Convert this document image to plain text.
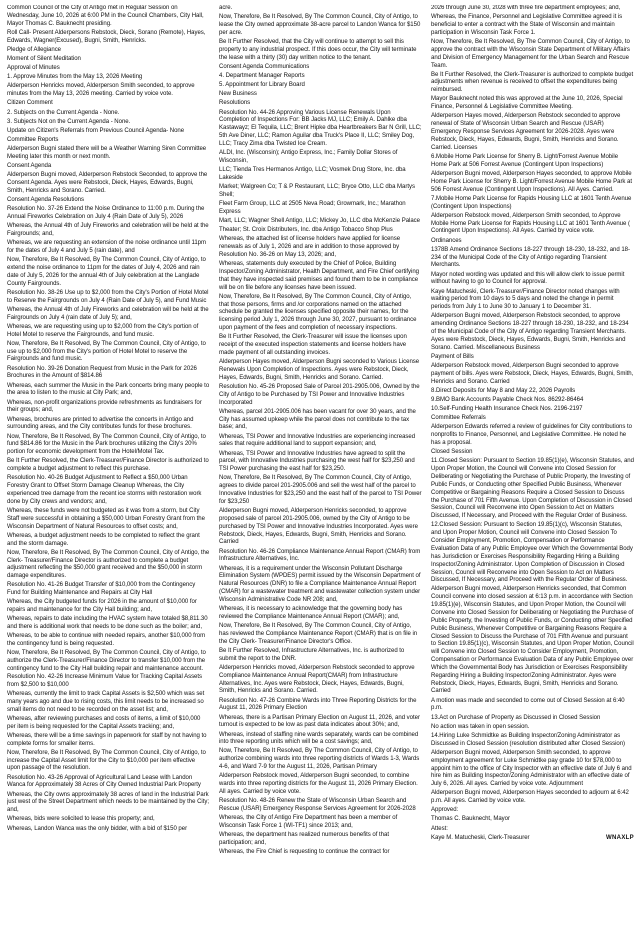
Common Council of the City of Antigo met in Regular Session on Wednesday, June 10, 2026 at 6:00 PM in the Council Chambers, City Hall, Mayor Thomas C. Bauknecht presiding.

Roll Call- Present Alderpersons Rebstock, Dieck, Sorano (Remote), Hayes, Edwards, Wagner(Excused), Bugni, Smith, Henricks.

Pledge of Allegiance

Moment of Silent Meditation

Approval of Minutes

1. Approve Minutes from the May 13, 2026 Meeting

Alderperson Henricks moved, Alderperson Smith seconded, to approve minutes from the May 13, 2026 meeting. Carried by voice vote.

Citizen Comment

2. Subjects on the Current Agenda - None.

3. Subjects Not on the Current Agenda - None.

Update on Citizen's Referrals from Previous Council Agenda- None

Committee Reports

Alderperson Bugni stated there will be a Weather Warning Siren Committee Meeting later this month or next month.

Consent Agenda

Alderperson Bugni moved, Alderperson Rebstock Seconded, to approve the Consent Agenda. Ayes were Rebstock, Dieck, Hayes, Edwards, Bugni, Smith, Henricks and Sorano. Carried.

Consent Agenda Resolutions

Resolution No. 37-26 Extend the Noise Ordinance to 11:00 p.m. During the Annual Fireworks Celebration on July 4 (Rain Date of July 5), 2026

Whereas, the Annual 4th of July Fireworks and celebration will be held at the Fairgrounds; and,

Whereas, we are requesting an extension of the noise ordinance until 11pm for the dates of July 4 and July 5 (rain date), and

Now, Therefore, Be It Resolved, By The Common Council, City of Antigo, to extend the noise ordinance to 11pm for the dates of July 4, 2026 and rain date of July 5, 2026 for the annual 4th of July celebration at the Langlade County Fairgrounds.

Resolution No. 38-26 Use up to $2,000 from the City's Portion of Hotel Motel to Reserve the Fairgrounds on July 4 (Rain Date of July 5), and Fund Music

Whereas, the Annual 4th of July Fireworks and celebration will be held at the Fairgrounds on July 4 (rain date of July 5); and,

Whereas, we are requesting using up to $2,000 from the City's portion of Hotel Motel to reserve the Fairgrounds, and fund music.

Now, Therefore, Be It Resolved, By The Common Council, City of Antigo, to use up to $2,000 from the City's portion of Hotel Motel to reserve the Fairgrounds and fund music.

Resolution No. 39-26 Donation Request from Music in the Park for 2026 Brochures in the Amount of $814.86

Whereas, each summer the Music in the Park concerts bring many people to the area to listen to the music at City Park; and,

Whereas, non-profit organizations provide refreshments as fundraisers for their groups; and,

Whereas, brochures are printed to advertise the concerts in Antigo and surrounding areas, and the City contributes funds for these brochures.

Now, Therefore, Be It Resolved, By The Common Council, City of Antigo, to fund $814.86 for the Music in the Park brochures utilizing the City's 20% portion for economic development from the Hotel/Motel Tax.

Be It Further Resolved, the Clerk-Treasurer/Finance Director is authorized to complete a budget adjustment to reflect this purchase.

Resolution No. 40-26 Budget Adjustment to Reflect a $50,000 Urban Forestry Grant to Offset Storm Damage Cleanup Whereas, the City experienced tree damage from the recent ice storms with restoration work done by City crews and vendors; and,

Whereas, these funds were not budgeted as it was from a storm, but City Staff were successful in obtaining a $50,000 Urban Forestry Grant from the Wisconsin Department of Natural Resources to offset costs; and,

Whereas, a budget adjustment needs to be completed to reflect the grant and the storm damage.

Now, Therefore, Be It Resolved, By The Common Council, City of Antigo, the Clerk- Treasurer/Finance Director is authorized to complete a budget adjustment reflecting the $50,000 grant received and the $50,000 in storm damage expenditures.

Resolution No. 41-26 Budget Transfer of $10,000 from the Contingency Fund for Building Maintenance and Repairs at City Hall

Whereas, the City budgeted funds for 2026 in the amount of $10,000 for repairs and maintenance for the City Hall building; and,

Whereas, repairs to date including the HVAC system have totaled $8,811.30 and there is additional work that needs to be done such as the boiler; and,

Whereas, to be able to continue with needed repairs, another $10,000 from the contingency fund is being requested.

Now, Therefore, Be It Resolved, By The Common Council, City of Antigo, to authorize the Clerk-Treasurer/Finance Director to transfer $10,000 from the contingency fund to the City Hall building repair and maintenance account. Resolution No. 42-26 Increase Minimum Value for Tracking Capital Assets from $2,500 to $10,000

Whereas, currently the limit to track Capital Assets is $2,500 which was set many years ago and due to rising costs, this limit needs to be increased so small items do not need to be recorded on the asset list; and,

Whereas, after reviewing purchases and costs of items, a limit of $10,000 per item is being requested for the Capital Assets tracking; and,

Whereas, there will be a time savings in paperwork for staff by not having to complete forms for smaller items.

Now, Therefore, Be It Resolved, By The Common Council, City of Antigo, to increase the Capital Asset limit for the City to $10,000 per item effective upon passage of the resolution.

Resolution No. 43-26 Approval of Agricultural Land Lease with Landon Wanca for Approximately 38 Acres of City Owned Industrial Park Property

Whereas, the City owns approximately 38 acres of land in the Industrial Park just west of the Street Department which needs to be maintained by the City; and,

Whereas, bids were solicited to lease this property; and,

Whereas, Landon Wanca was the only bidder, with a bid of $150 per

acre.

Now, Therefore, Be It Resolved, By The Common Council, City of Antigo, to lease the City owned approximate 38-acre parcel to Landon Wanca for $150 per acre.

Be It Further Resolved, that the City will continue to attempt to sell this property to any industrial prospect. If this does occur, the City will terminate the lease with a thirty (30) day written notice to the tenant.

Consent Agenda Communications

4. Department Manager Reports

5. Appointment for Library Board

New Business

Resolutions

Resolution No. 44-26 Approving Various License Renewals Upon Completion of Inspections For: BB Jacks MJ, LLC; Emily A. Dahlke dba Kastawayz; El Tequila, LLC; Brent Hipke dba Heartbreakers Bar N Grill, LLC; 5th Ave Diner, LLC; Ramon Aguilar dba Truck's Place II, LLC; Smiley Dog, LLC; Tracy Zima dba Twisted Ice Cream.

ALDI, Inc. (Wisconsin); Antigo Express, Inc.; Family Dollar Stores of Wisconsin,

LLC; Tienda Tres Hermanos Antigo, LLC; Vosmek Drug Store, Inc. dba Lakeside

Market; Walgreen Co; T & P Restaurant, LLC; Bryce Otto, LLC dba Martys Shell;

Fleet Farm Group, LLC at 2505 Neva Road; Growmark, Inc.; Marathon Express

Mart, LLC; Wagner Shell Antigo, LLC; Mickey Jo, LLC dba McKenzie Palace

Theater; St. Croix Distributers, Inc. dba Antigo Tobacco Shop Plus

Whereas, the attached list of license holders have applied for license renewals as of July 1, 2026 and are in addition to those approved by Resolution No. 36-26 on May 13, 2026; and,

Whereas, statements duly executed by the Chief of Police, Building Inspector/Zoning Administrator, Health Department, and Fire Chief certifying that they have inspected said premises and found them to be in compliance will be on file before any licenses have been issued.

Now, Therefore, Be It Resolved, By The Common Council, City of Antigo, that those persons, firms and /or corporations named on the attached schedule be granted the licenses specified opposite their names, for the licensing period July 1, 2026 through June 30, 2027, pursuant to ordinance upon payment of the fees and completion of necessary inspections.

Be It Further Resolved, the Clerk-Treasurer will issue the licenses upon receipt of the executed inspection statements and license holders have made payment of all outstanding invoices.

Alderperson Hayes moved, Alderperson Bugni seconded to Various License Renewals Upon Completion of Inspections. Ayes were Rebstock, Dieck, Hayes, Edwards, Bugni, Smith, Henricks and Sorano. Carried.

Resolution No. 45-26 Proposed Sale of Parcel 201-2905.006, Owned by the City of Antigo to be Purchased by TSI Power and Innovative Industries Incorporated

Whereas, parcel 201-2905.006 has been vacant for over 30 years, and the City has assumed upkeep while the parcel does not contribute to the tax base; and,

Whereas, TSI Power and Innovative Industries are experiencing increased sales that require additional land to support expansion; and,

Whereas, TSI Power and Innovative Industries have agreed to split the parcel, with Innovative Industries purchasing the west half for $23,250 and TSI Power purchasing the east half for $23,250.

Now, Therefore, Be It Resolved, By The Common Council, City of Antigo, agrees to divide parcel 201-2905.006 and sell the west half of the parcel to Innovative Industries for $23,250 and the east half of the parcel to TSI Power for $23,250

Alderperson Bugni moved, Alderperson Henricks seconded, to approve proposed sale of parcel 201-2905.006, owned by the City of Antigo to be purchased by TSI Power and Innovative Industries Incorporated. Ayes were Rebstock, Dieck, Hayes, Edwards, Bugni, Smith, Henricks and Sorano. Carried

Resolution No. 46-26 Compliance Maintenance Annual Report (CMAR) from Infrastructure Alternatives, Inc.

Whereas, it is a requirement under the Wisconsin Pollutant Discharge Elimination System (WPDES) permit issued by the Wisconsin Department of Natural Resources (DNR) to file a Compliance Maintenance Annual Report (CMAR) for a wastewater treatment and wastewater collection system under Wisconsin Administrative Code NR 208; and,

Whereas, it is necessary to acknowledge that the governing body has reviewed the Compliance Maintenance Annual Report (CMAR); and,

Now, Therefore, Be It Resolved, By The Common Council, City of Antigo, has reviewed the Compliance Maintenance Report (CMAR) that is on file in the City Clerk- Treasurer/Finance Director's Office.

Be It Further Resolved, Infrastructure Alternatives, Inc. is authorized to submit the report to the DNR.

Alderperson Henricks moved, Alderperson Rebstock seconded to approve Compliance Maintenance Annual Report(CMAR) from Infrastructure Alternatives, Inc. Ayes were Rebstock, Dieck, Hayes, Edwards, Bugni, Smith, Henricks and Sorano. Carried.

Resolution No. 47-26 Combine Wards into Three Reporting Districts for the August 11, 2026 Primary Election

Whereas, there is a Partisan Primary Election on August 11, 2026, and voter turnout is expected to be low as past data indicates about 30%; and,

Whereas, instead of staffing nine wards separately, wards can be combined into three reporting units which will be a cost savings; and,

Now, Therefore, Be It Resolved, By The Common Council, City of Antigo, to authorize combining wards into three reporting districts of Wards 1-3, Wards 4-6, and Ward 7-9 for the August 11, 2026, Partisan Primary

Alderperson Rebstock moved, Alderperson Bugni seconded, to combine wards into three reporting districts for the August 11, 2026 Primary Election. All ayes. Carried by voice vote.

Resolution No. 48-26 Renew the State of Wisconsin Urban Search and Rescue (USAR) Emergency Response Services Agreement for 2026-2028

Whereas, the City of Antigo Fire Department has been a member of Wisconsin Task Force 1 (WI-TF1) since 2013; and,

Whereas, the department has realized numerous benefits of that participation; and,

Whereas, the Fire Chief is requesting to continue the contract for

2026 through June 30, 2028 with three fire department employees; and,

Whereas, the Finance, Personnel and Legislative Committee agreed it is beneficial to enter a contract with the State of Wisconsin and maintain participation in Wisconsin Task Force 1.

Now, Therefore, Be It Resolved, By The Common Council, City of Antigo, to approve the contract with the Wisconsin State Department of Military Affairs and Division of Emergency Management for the Urban Search and Rescue Team.

Be It Further Resolved, the Clerk-Treasurer is authorized to complete budget adjustments when revenue is received to offset the expenditures being reimbursed.

Mayor Bauknecht noted this was approved at the June 10, 2026, Special Finance, Personnel & Legislative Committee Meeting.

Alderperson Hayes moved, Alderperson Rebstock seconded to approve renewal of State of Wisconsin Urban Search and Rescue (USAR) Emergency Response Services Agreement for 2026-2028. Ayes were Rebstock, Dieck, Hayes, Edwards, Bugni, Smith, Henricks and Sorano. Carried. Licenses

6.Mobile Home Park License for Sherry B. Light/Forrest Avenue Mobile Home Park at 506 Forrest Avenue (Contingent Upon Inspections)

Alderperson Bugni moved, Alderperson Hayes seconded, to approve Mobile Home Park License for Sherry B. Light/Forrest Avenue Mobile Home Park at 506 Forrest Avenue (Contingent Upon Inspections). All Ayes. Carried.

7.Mobile Home Park License for Rapids Housing LLC at 1601 Tenth Avenue (Contingent Upon Inspections)

Alderperson Rebstock moved, Alderperson Smith seconded, to Approve Mobile Home Park License for Rapids Housing LLC at 1601 Tenth Avenue ( Contingent Upon Inspections). All Ayes. Carried by voice vote.

Ordinances

1378B Amend Ordinance Sections 18-227 through 18-230, 18-232, and 18-234 of the Municipal Code of the City of Antigo regarding Transient Merchants.

Mayor noted wording was updated and this will allow clerk to issue permit without having to go to Council for approval.

Kaye Matucheski, Clerk-Treasurer/Finance Director noted changes with waiting period from 10 days to 5 days and noted the change in permit periods from July 1 to June 30 to January 1 to December 31.

Alderperson Bugni moved, Alderperson Rebstock seconded, to approve amending Ordinance Sections 18-227 through 18-230, 18-232, and 18-234 of the Municipal Code of the City of Antigo regarding Transient Merchants. Ayes were Rebstock, Dieck, Hayes, Edwards, Bugni, Smith, Henricks and Sorano. Carried. Miscellaneous Business

Payment of Bills

Alderperson Rebstock moved, Alderperson Bugni seconded to approve payment of bills. Ayes were Rebstock, Dieck, Hayes, Edwards, Bugni, Smith, Henricks and Sorano. Carried

8.Direct Deposits for May 8 and May 22, 2026 Payrolls

9.BMO Bank Accounts Payable Check Nos. 86292-86464

10.Self-Funding Health Insurance Check Nos. 2196-2197

Committee Referrals

Alderperson Edwards referred a review of guidelines for City contributions to nonprofits to Finance, Personnel, and Legislative Committee. He noted he has a proposal.

Closed Session

11.Closed Session: Pursuant to Section 19.85(1)(e), Wisconsin Statutes, and Upon Proper Motion, the Council will Convene into Closed Session for Deliberating or Negotiating the Purchase of Public Property, the Investing of Public Funds, or Conducting other Specified Public Business, Whenever Competitive or Bargaining Reasons Require a Closed Session to Discuss the Purchase of 701 Fifth Avenue. Upon Completion of Discussion in Closed Session, Council will Reconvene into Open Session to Act on Matters Discussed, If Necessary, and Proceed with the Regular Order of Business.

12.Closed Session: Pursuant to Section 19.85(1)(c), Wisconsin Statutes, and Upon Proper Motion, Council will Convene into Closed Session To Consider Employment, Promotion, Compensation or Performance Evaluation Data of any Public Employee over Which the Governmental Body has Jurisdiction or Exercises Responsibility Regarding Hiring a Building Inspector/Zoning Administrator. Upon Completion of Discussion in Closed Session, Council will Reconvene into Open Session to Act on Matters Discussed, If Necessary, and Proceed with the Regular Order of Business.

Alderperson Bugni moved, Alderperson Henricks seconded, that Common Council convene into closed session at 6:13 p.m. in accordance with Section 19.85(1)(e), Wisconsin Statutes, and Upon Proper Motion, the Council will Convene into Closed Session for Deliberating or Negotiating the Purchase of Public Property, the Investing of Public Funds, or Conducting other Specified Public Business, Whenever Competitive or Bargaining Reasons Require a Closed Session to Discuss the Purchase of 701 Fifth Avenue and pursuant to Section 19.85(1)(c), Wisconsin Statutes, and Upon Proper Motion, Council will Convene into Closed Session to Consider Employment, Promotion, Compensation or Performance Evaluation Data of any Public Employee over Which the Governmental Body has Jurisdiction or Exercises Responsibility Regarding Hiring a Building Inspector/Zoning Administrator. Ayes were Rebstock, Dieck, Hayes, Edwards, Bugni, Smith, Henricks and Sorano. Carried

A motion was made and seconded to come out of Closed Session at 6:40 p.m.

13.Act on Purchase of Property as Discussed in Closed Session

No action was taken in open session.

14.Hiring Luke Schmidtke as Building Inspector/Zoning Administrator as Discussed in Closed Session (resolution distributed after Closed Session)

Alderperson Bugni moved, Alderperson Smith seconded, to approve employment agreement for Luke Schmidtke pay grade 10 for $78,000 to appoint him to the office of City Inspector with an effective date of July 6 and hire him as Building Inspector/Zoning Administrator with an effective date of July 6, 2026. All ayes. Carried by voice vote. Adjournment

Alderperson Bugni moved, Alderperson Hayes seconded to adjourn at 6:42 p.m. All ayes. Carried by voice vote.

Approved:

Thomas C. Bauknecht, Mayor

Attest:

Kaye M. Matucheski, Clerk-Treasurer	WNAXLP
